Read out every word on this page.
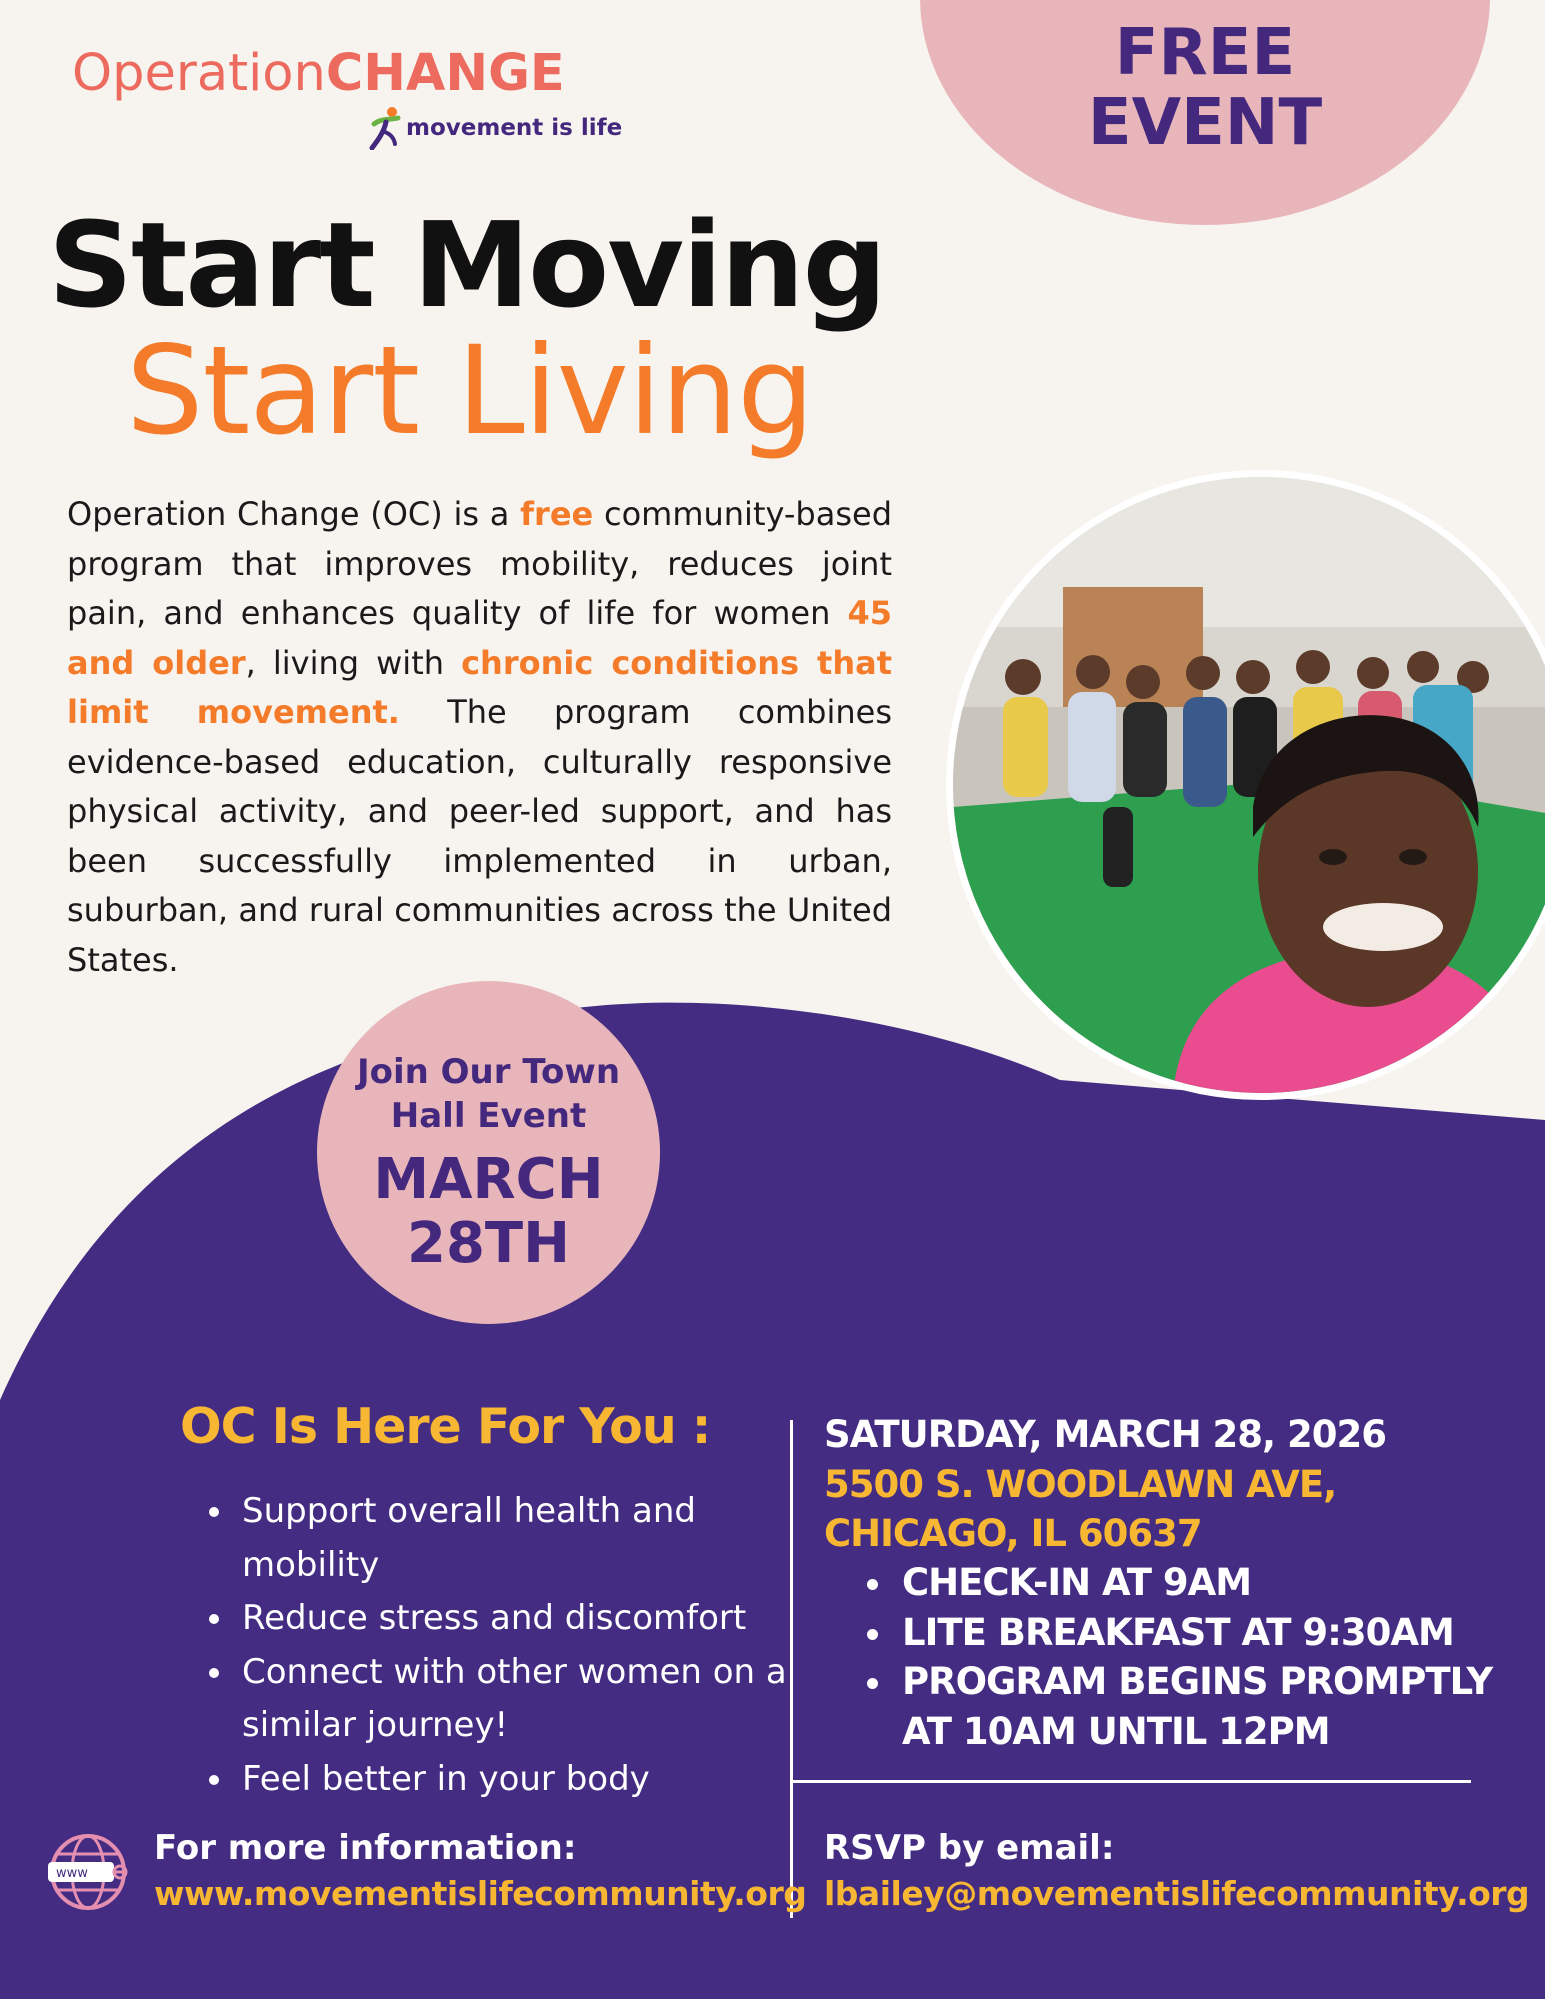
FREE
EVENT
OperationCHANGE
movement is life
Start Moving
Start Living
Operation Change (OC) is a free community-based program that improves mobility, reduces joint pain, and enhances quality of life for women 45 and older, living with chronic conditions that limit movement. The program combines evidence-based education, culturally responsive physical activity, and peer-led support, and has been successfully implemented in urban, suburban, and rural communities across the United States.
Join Our Town Hall Event
MARCH
28TH
OC Is Here For You :
• Support overall health and mobility
• Reduce stress and discomfort
• Connect with other women on a similar journey!
• Feel better in your body
SATURDAY, MARCH 28, 2026
5500 S. WOODLAWN AVE,
CHICAGO, IL 60637
• CHECK-IN AT 9AM
• LITE BREAKFAST AT 9:30AM
• PROGRAM BEGINS PROMPTLY AT 10AM UNTIL 12PM
www
For more information:
www.movementislifecommunity.org
RSVP by email:
lbailey@movementislifecommunity.org
